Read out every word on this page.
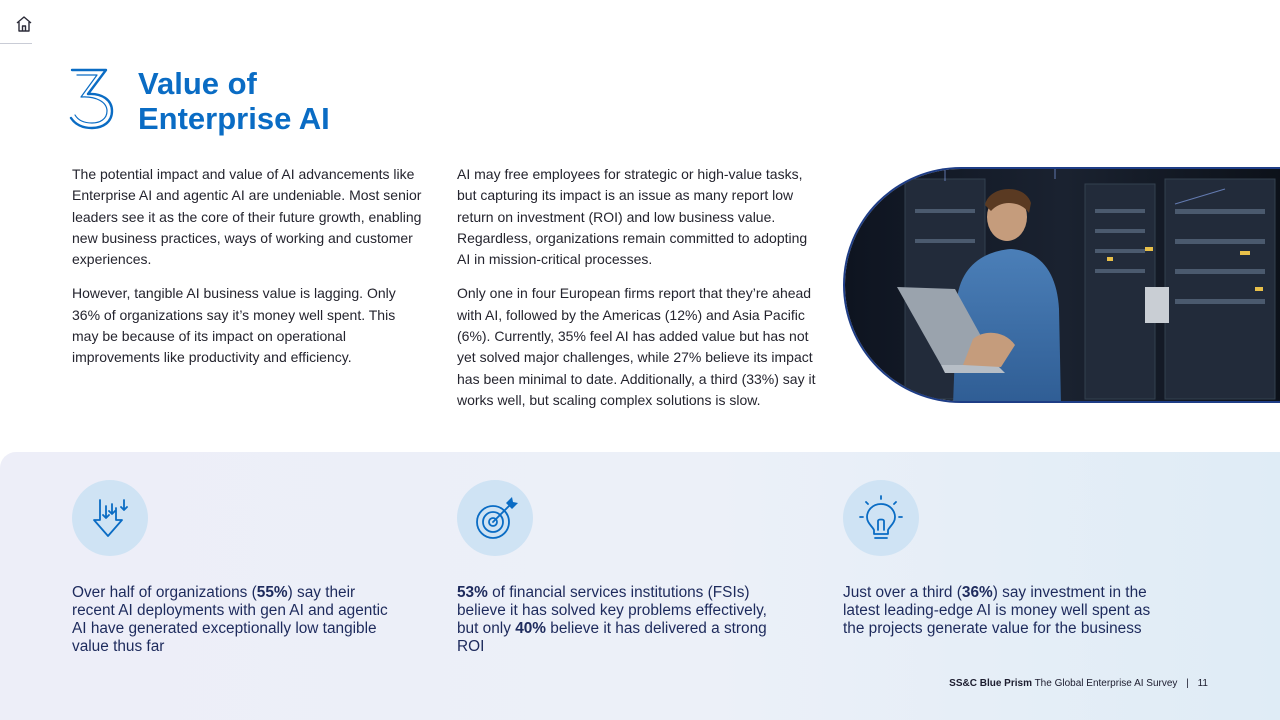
Value of
Enterprise AI

The potential impact and value of AI advancements like Enterprise AI and agentic AI are undeniable. Most senior leaders see it as the core of their future growth, enabling new business practices, ways of working and customer experiences.

However, tangible AI business value is lagging. Only 36% of organizations say it’s money well spent. This may be because of its impact on operational improvements like productivity and efficiency.

AI may free employees for strategic or high-value tasks, but capturing its impact is an issue as many report low return on investment (ROI) and low business value. Regardless, organizations remain committed to adopting AI in mission-critical processes.

Only one in four European firms report that they’re ahead with AI, followed by the Americas (12%) and Asia Pacific (6%). Currently, 35% feel AI has added value but has not yet solved major challenges, while 27% believe its impact has been minimal to date. Additionally, a third (33%) say it works well, but scaling complex solutions is slow.

Over half of organizations (55%) say their recent AI deployments with gen AI and agentic AI have generated exceptionally low tangible value thus far

53% of financial services institutions (FSIs) believe it has solved key problems effectively, but only 40% believe it has delivered a strong ROI

Just over a third (36%) say investment in the latest leading-edge AI is money well spent as the projects generate value for the business

SS&C Blue Prism The Global Enterprise AI Survey | 11
